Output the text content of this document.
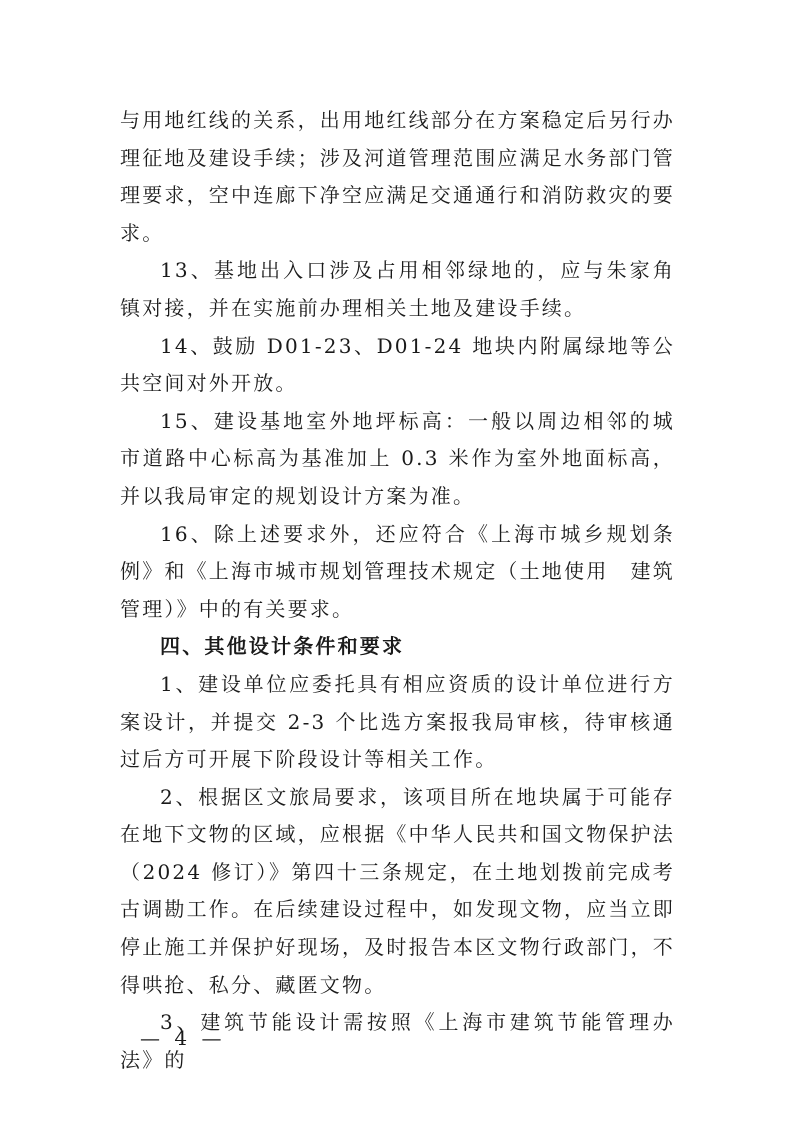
与用地红线的关系，出用地红线部分在方案稳定后另行办理征地及建设手续；涉及河道管理范围应满足水务部门管理要求，空中连廊下净空应满足交通通行和消防救灾的要求。

13、基地出入口涉及占用相邻绿地的，应与朱家角镇对接，并在实施前办理相关土地及建设手续。

14、鼓励 D01-23、D01-24 地块内附属绿地等公共空间对外开放。

15、建设基地室外地坪标高：一般以周边相邻的城市道路中心标高为基准加上 0.3 米作为室外地面标高，并以我局审定的规划设计方案为准。

16、除上述要求外，还应符合《上海市城乡规划条例》和《上海市城市规划管理技术规定（土地使用　建筑管理）》中的有关要求。

四、其他设计条件和要求

1、建设单位应委托具有相应资质的设计单位进行方案设计，并提交 2-3 个比选方案报我局审核，待审核通过后方可开展下阶段设计等相关工作。

2、根据区文旅局要求，该项目所在地块属于可能存在地下文物的区域，应根据《中华人民共和国文物保护法（2024 修订）》第四十三条规定，在土地划拨前完成考古调勘工作。在后续建设过程中，如发现文物，应当立即停止施工并保护好现场，及时报告本区文物行政部门，不得哄抢、私分、藏匿文物。

3、建筑节能设计需按照《上海市建筑节能管理办法》的

— 4 —
